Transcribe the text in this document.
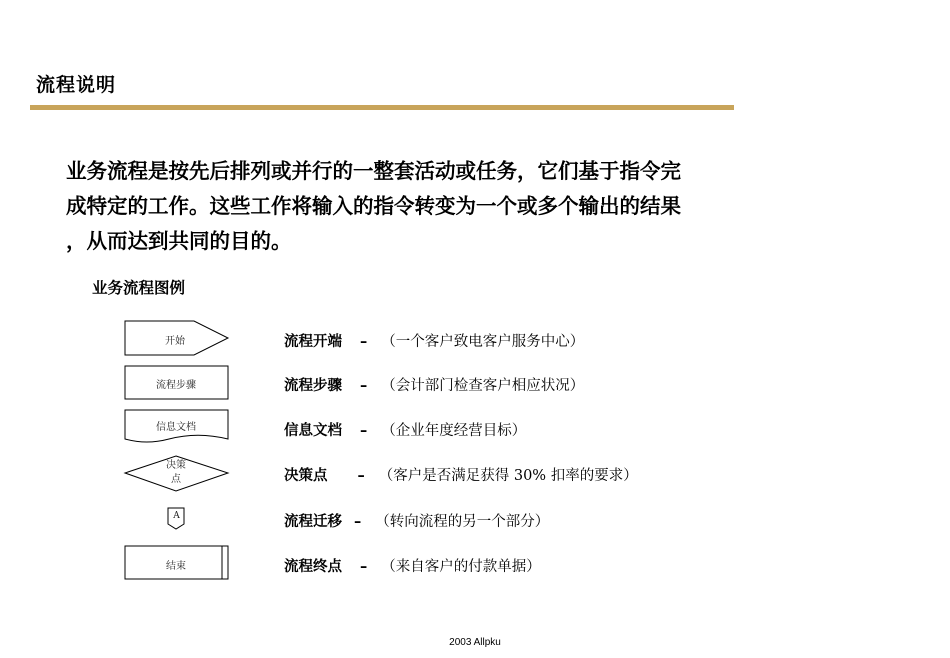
流程说明
业务流程是按先后排列或并行的一整套活动或任务，它们基于指令完
成特定的工作。这些工作将输入的指令转变为一个或多个输出的结果
，从而达到共同的目的。
业务流程图例
开始
流程步骤
信息文档
决策
点
A
结束
流程开端 – （一个客户致电客户服务中心）
流程步骤 – （会计部门检查客户相应状况）
信息文档 – （企业年度经营目标）
决策点 – （客户是否满足获得 30% 扣率的要求）
流程迁移 – （转向流程的另一个部分）
流程终点 – （来自客户的付款单据）
2003 Allpku
